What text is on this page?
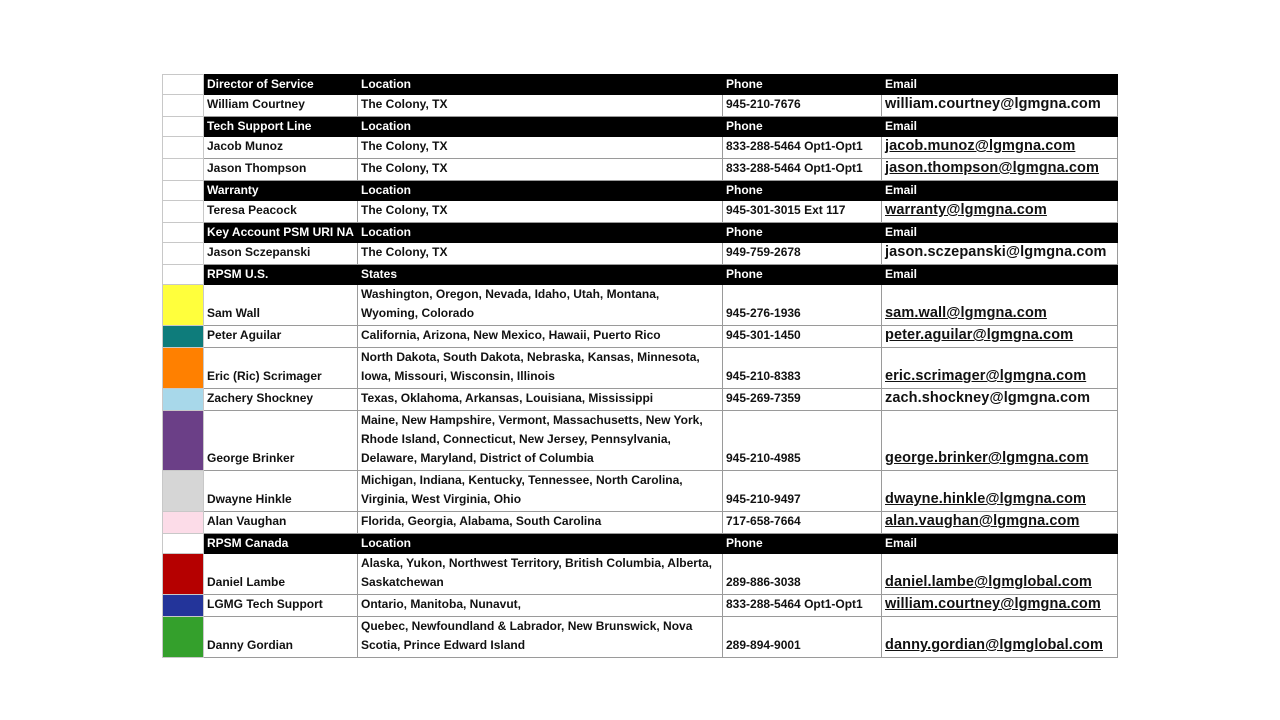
	Director of Service	Location	Phone	Email
	William Courtney	The Colony, TX	945-210-7676	william.courtney@lgmgna.com
	Tech Support Line	Location	Phone	Email
	Jacob Munoz	The Colony, TX	833-288-5464 Opt1-Opt1	jacob.munoz@lgmgna.com
	Jason Thompson	The Colony, TX	833-288-5464 Opt1-Opt1	jason.thompson@lgmgna.com
	Warranty	Location	Phone	Email
	Teresa Peacock	The Colony, TX	945-301-3015 Ext 117	warranty@lgmgna.com
	Key Account PSM URI NA	Location	Phone	Email
	Jason Sczepanski	The Colony, TX	949-759-2678	jason.sczepanski@lgmgna.com
	RPSM U.S.	States	Phone	Email
	Sam Wall	Washington, Oregon, Nevada, Idaho, Utah, Montana, Wyoming, Colorado	945-276-1936	sam.wall@lgmgna.com
	Peter Aguilar	California, Arizona, New Mexico, Hawaii, Puerto Rico	945-301-1450	peter.aguilar@lgmgna.com
	Eric (Ric) Scrimager	North Dakota, South Dakota, Nebraska, Kansas, Minnesota, Iowa, Missouri, Wisconsin, Illinois	945-210-8383	eric.scrimager@lgmgna.com
	Zachery Shockney	Texas, Oklahoma, Arkansas, Louisiana, Mississippi	945-269-7359	zach.shockney@lgmgna.com
	George Brinker	Maine, New Hampshire, Vermont, Massachusetts, New York, Rhode Island, Connecticut, New Jersey, Pennsylvania, Delaware, Maryland, District of Columbia	945-210-4985	george.brinker@lgmgna.com
	Dwayne Hinkle	Michigan, Indiana, Kentucky, Tennessee, North Carolina, Virginia, West Virginia, Ohio	945-210-9497	dwayne.hinkle@lgmgna.com
	Alan Vaughan	Florida, Georgia, Alabama, South Carolina	717-658-7664	alan.vaughan@lgmgna.com
	RPSM Canada	Location	Phone	Email
	Daniel Lambe	Alaska, Yukon, Northwest Territory, British Columbia, Alberta, Saskatchewan	289-886-3038	daniel.lambe@lgmglobal.com
	LGMG Tech Support	Ontario, Manitoba, Nunavut,	833-288-5464 Opt1-Opt1	william.courtney@lgmgna.com
	Danny Gordian	Quebec, Newfoundland & Labrador, New Brunswick, Nova Scotia, Prince Edward Island	289-894-9001	danny.gordian@lgmglobal.com
